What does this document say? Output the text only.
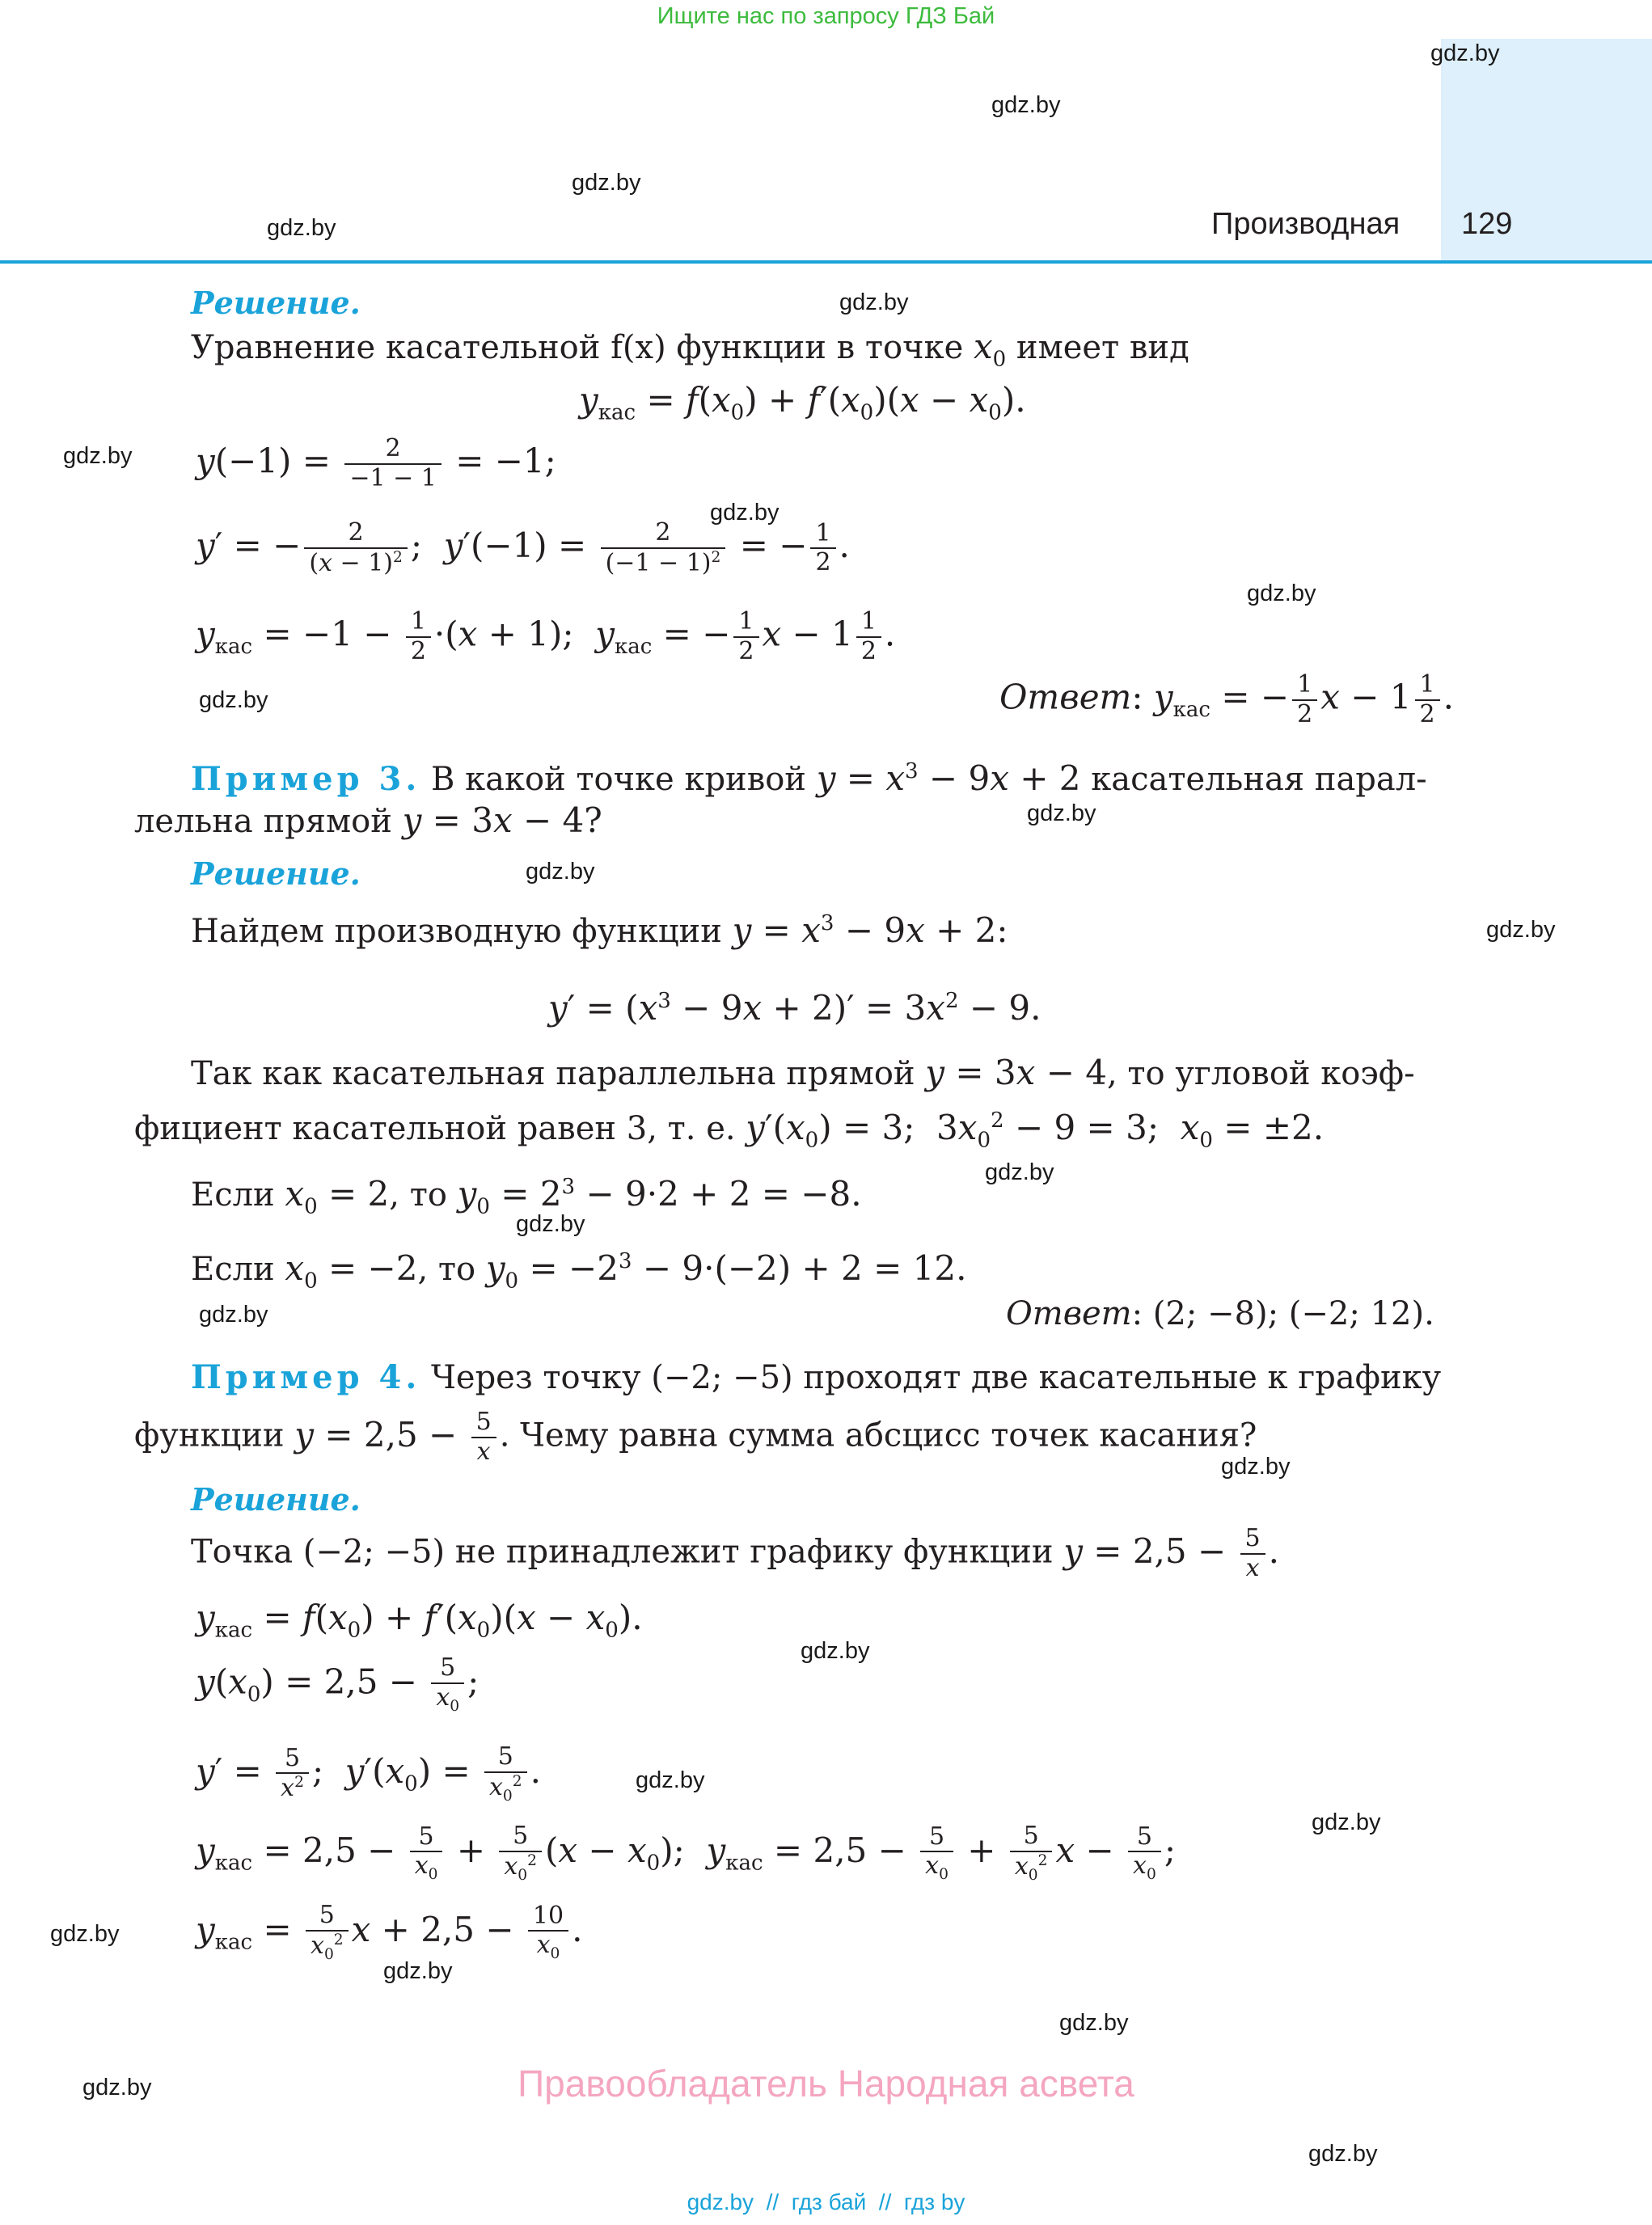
Ищите нас по запросу ГДЗ Бай
Производная 129
gdz.by
gdz.by
gdz.by
gdz.by
gdz.by
gdz.by
gdz.by
gdz.by
gdz.by
gdz.by
gdz.by
gdz.by
gdz.by
gdz.by
gdz.by
gdz.by
gdz.by
gdz.by
gdz.by
gdz.by
gdz.by
gdz.by
gdz.by
gdz.by
Решение.
Уравнение касательной f(x) функции в точке $x_0$ имеет вид
$y_{кас} = f(x_0) + f'(x_0)(x - x_0)$.
$y(-1) = \frac{2}{-1 - 1} = -1$;
y′ = − $\frac{2}{(x - 1)^2}$ ;  $y'(-1) = \frac{2}{(-1 - 1)^2}$ = − $\frac{1}{2}$ .
$y_{кас} = -1 - \frac{1}{2} \cdot(x + 1)$;  $y_{кас}$ = − $\frac{1}{2}$ $x - 1 \frac{1}{2}$ .
Ответ: $y_{кас}$ = − $\frac{1}{2}$ $x - 1 \frac{1}{2}$ .
Пример 3. В какой точке кривой $y = x^3 - 9x + 2$ касательная парал-
лельна прямой y = 3x − 4?
Решение.
Найдем производную функции $y = x^3 - 9x + 2$:
$y' = (x^3 - 9x + 2)' = 3x^2 - 9$.
Так как касательная параллельна прямой y = 3x − 4, то угловой коэф-
фициент касательной равен 3, т. е. $y'(x_0) = 3$;  $3x_0^2 - 9 = 3$;  $x_0 = \pm 2$.
Если $x_0 = 2$, то $y_0 = 2^3 - 9\cdot 2 + 2 = -8$.
Если $x_0 = -2$, то $y_0 = -2^3 - 9\cdot(-2) + 2 = 12$.
Ответ: (2; −8); (−2; 12).
Пример 4. Через точку (−2; −5) проходят две касательные к графику
функции $y = 2,5 - \frac{5}{x}$ . Чему равна сумма абсцисс точек касания?
Решение.
Точка (−2; −5) не принадлежит графику функции $y = 2,5 - \frac{5}{x}$ .
$y_{кас} = f(x_0) + f'(x_0)(x - x_0)$.
$y(x_0) = 2,5 - \frac{5}{x_0}$ ;
$y' = \frac{5}{x^2}$ ;  $y'(x_0) = \frac{5}{x_0^2}$ .
$y_{кас} = 2,5 - \frac{5}{x_0} + \frac{5}{x_0^2} (x - x_0)$;  $y_{кас} = 2,5 - \frac{5}{x_0} + \frac{5}{x_0^2}$ $x - \frac{5}{x_0}$ ;
$y_{кас} = \frac{5}{x_0^2}$ $x + 2,5 - \frac{10}{x_0}$ .
Правообладатель Народная асвета
gdz.by  //  гдз бай  //  гдз by
